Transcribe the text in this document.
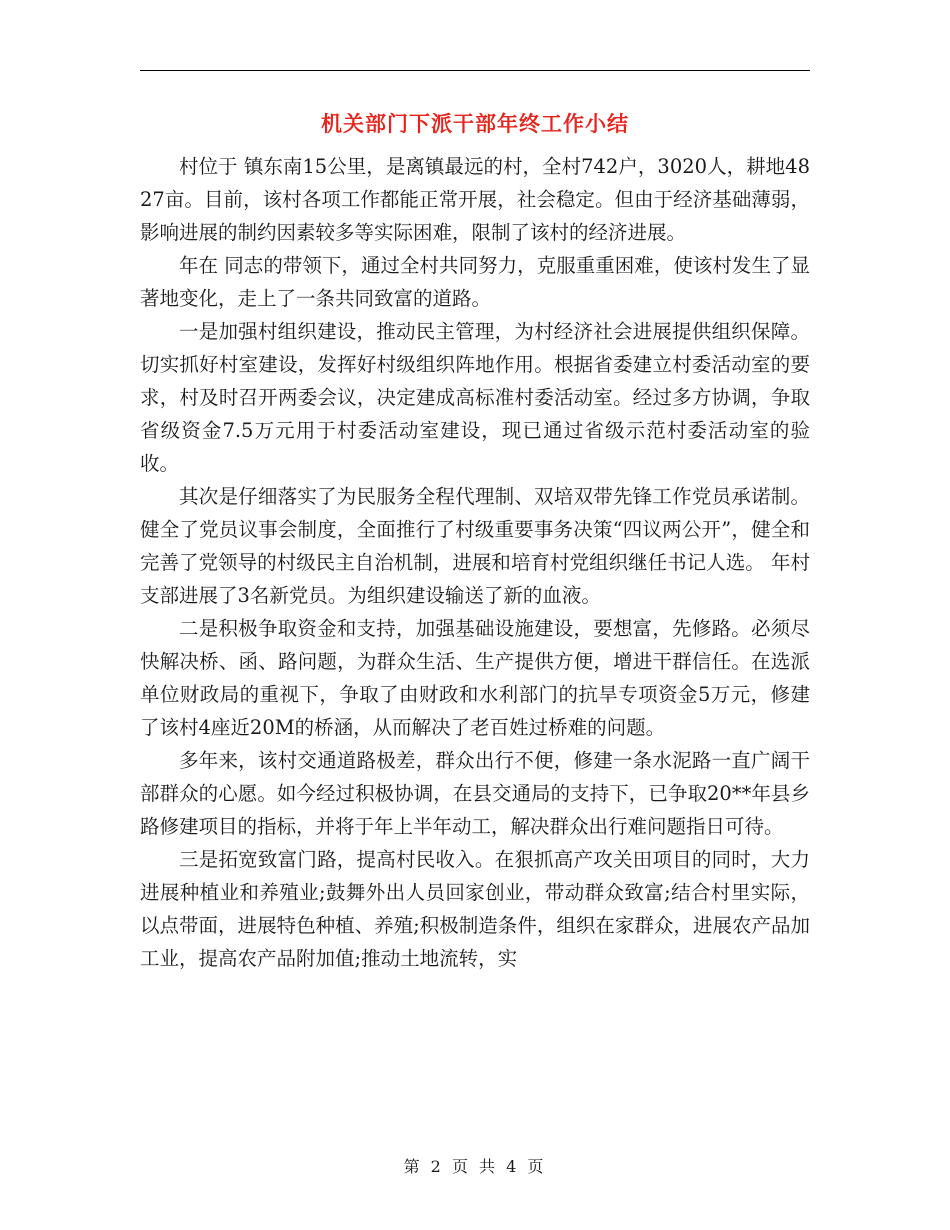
机关部门下派干部年终工作小结

村位于 镇东南15公里，是离镇最远的村，全村742户，3020人，耕地4827亩。目前，该村各项工作都能正常开展，社会稳定。但由于经济基础薄弱，影响进展的制约因素较多等实际困难，限制了该村的经济进展。

年在 同志的带领下，通过全村共同努力，克服重重困难，使该村发生了显著地变化，走上了一条共同致富的道路。

一是加强村组织建设，推动民主管理，为村经济社会进展提供组织保障。切实抓好村室建设，发挥好村级组织阵地作用。根据省委建立村委活动室的要求，村及时召开两委会议，决定建成高标准村委活动室。经过多方协调，争取省级资金7.5万元用于村委活动室建设，现已通过省级示范村委活动室的验收。

其次是仔细落实了为民服务全程代理制、双培双带先锋工作党员承诺制。健全了党员议事会制度，全面推行了村级重要事务决策“四议两公开”，健全和完善了党领导的村级民主自治机制，进展和培育村党组织继任书记人选。 年村支部进展了3名新党员。为组织建设输送了新的血液。

二是积极争取资金和支持，加强基础设施建设，要想富，先修路。必须尽快解决桥、函、路问题，为群众生活、生产提供方便，增进干群信任。在选派单位财政局的重视下，争取了由财政和水利部门的抗旱专项资金5万元，修建了该村4座近20M的桥涵，从而解决了老百姓过桥难的问题。

多年来，该村交通道路极差，群众出行不便，修建一条水泥路一直广阔干部群众的心愿。如今经过积极协调，在县交通局的支持下，已争取20**年县乡路修建项目的指标，并将于年上半年动工，解决群众出行难问题指日可待。

三是拓宽致富门路，提高村民收入。在狠抓高产攻关田项目的同时，大力进展种植业和养殖业;鼓舞外出人员回家创业，带动群众致富;结合村里实际，以点带面，进展特色种植、养殖;积极制造条件，组织在家群众，进展农产品加工业，提高农产品附加值;推动土地流转，实

第 2 页 共 4 页
